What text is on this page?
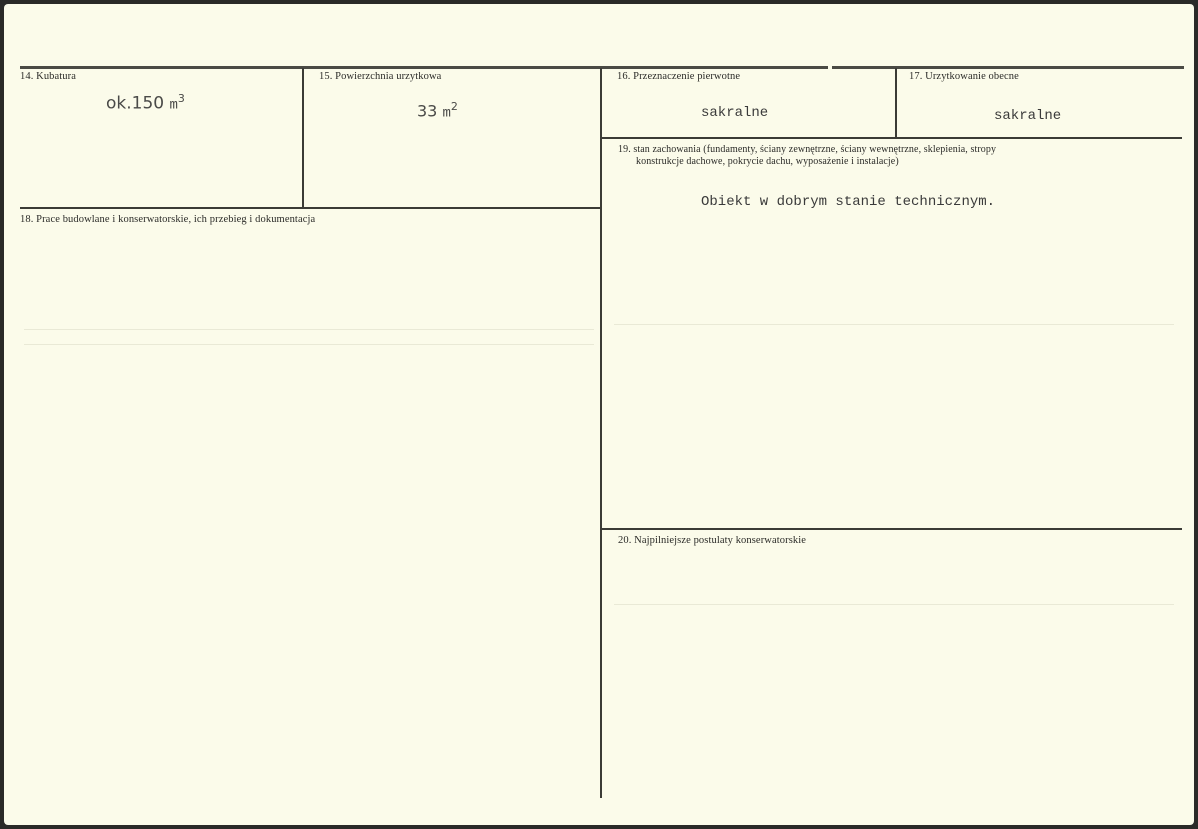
14. Kubatura
ok.150 $m^3$
15. Powierzchnia urzytkowa
33 $m^2$
16. Przeznaczenie pierwotne
sakralne
17. Urzytkowanie obecne
sakralne
18. Prace budowlane i konserwatorskie, ich przebieg i dokumentacja
19. stan zachowania (fundamenty, ściany zewnętrzne, ściany wewnętrzne, sklepienia, stropy
konstrukcje dachowe, pokrycie dachu, wyposażenie i instalacje)
Obiekt w dobrym stanie technicznym.
20. Najpilniejsze postulaty konserwatorskie
